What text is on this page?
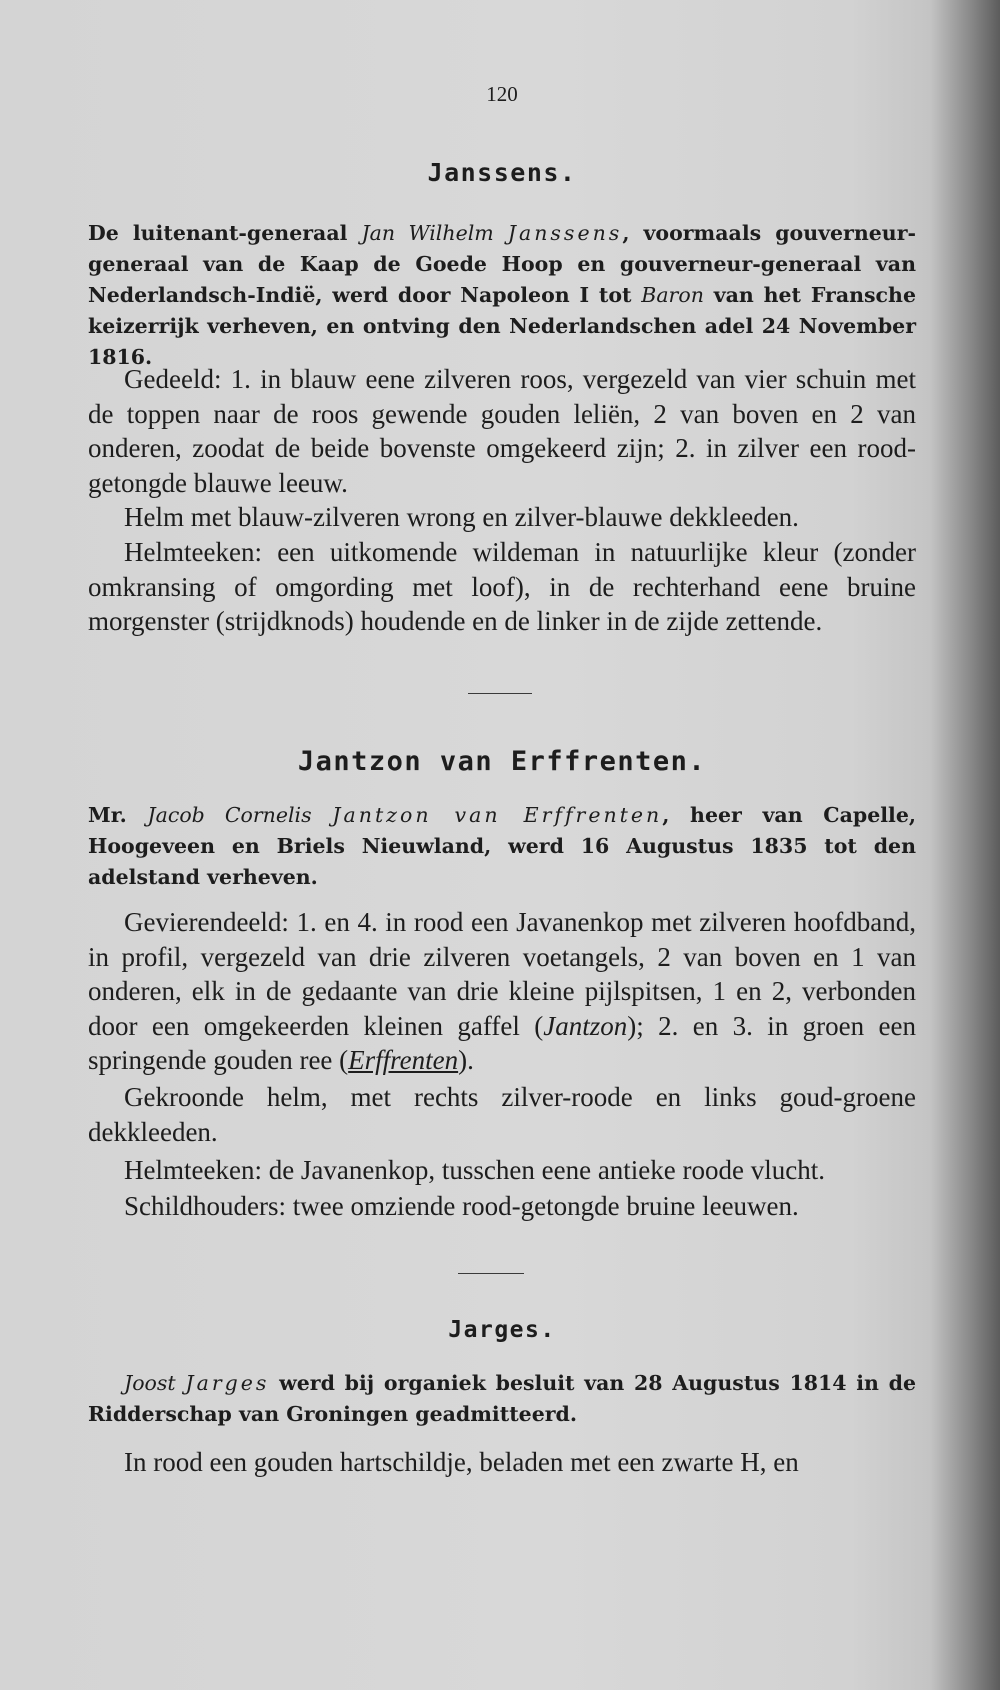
120
Janssens.

De luitenant-generaal Jan Wilhelm Janssens, voormaals gouverneur-generaal van de Kaap de Goede Hoop en gouverneur-generaal van Nederlandsch-Indië, werd door Napoleon I tot Baron van het Fransche keizerrijk verheven, en ontving den Nederlandschen adel 24 November 1816.

Gedeeld: 1. in blauw eene zilveren roos, vergezeld van vier schuin met de toppen naar de roos gewende gouden leliën, 2 van boven en 2 van onderen, zoodat de beide bovenste omgekeerd zijn; 2. in zilver een rood-getongde blauwe leeuw.

Helm met blauw-zilveren wrong en zilver-blauwe dekkleeden.

Helmteeken: een uitkomende wildeman in natuurlijke kleur (zonder omkransing of omgording met loof), in de rechterhand eene bruine morgenster (strijdknods) houdende en de linker in de zijde zettende.

Jantzon van Erffrenten.

Mr. Jacob Cornelis Jantzon van Erffrenten, heer van Capelle, Hoogeveen en Briels Nieuwland, werd 16 Augustus 1835 tot den adelstand verheven.

Gevierendeeld: 1. en 4. in rood een Javanenkop met zilveren hoofdband, in profil, vergezeld van drie zilveren voetangels, 2 van boven en 1 van onderen, elk in de gedaante van drie kleine pijlspitsen, 1 en 2, verbonden door een omgekeerden kleinen gaffel (Jantzon); 2. en 3. in groen een springende gouden ree (Erffrenten).

Gekroonde helm, met rechts zilver-roode en links goud-groene dekkleeden.

Helmteeken: de Javanenkop, tusschen eene antieke roode vlucht.

Schildhouders: twee omziende rood-getongde bruine leeuwen.

Jarges.

Joost Jarges werd bij organiek besluit van 28 Augustus 1814 in de Ridderschap van Groningen geadmitteerd.

In rood een gouden hartschildje, beladen met een zwarte H, en
